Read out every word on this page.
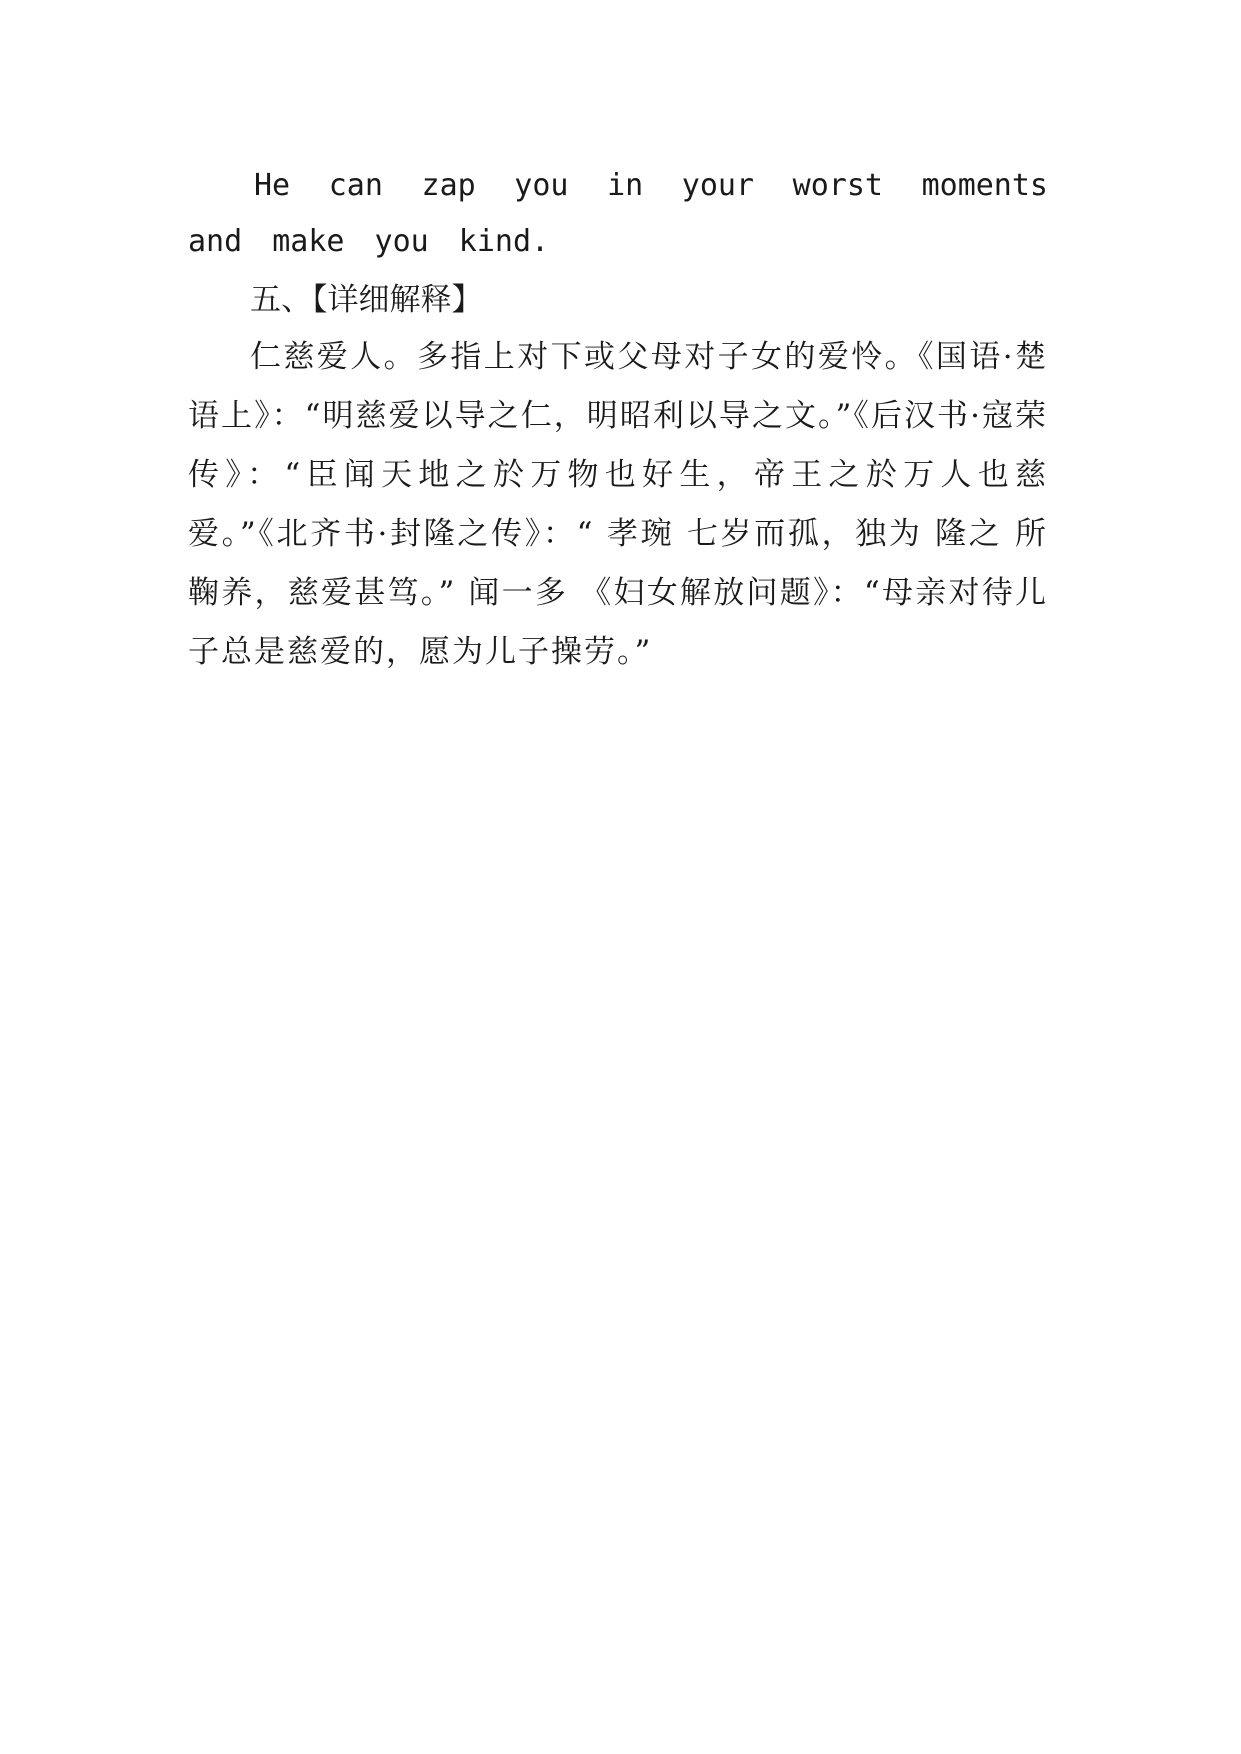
He can zap you in your worst moments and make you kind.

五、【详细解释】

仁慈爱人。多指上对下或父母对子女的爱怜。《国语·楚语上》：“明慈爱以导之仁，明昭利以导之文。”《后汉书·寇荣传》：“臣闻天地之於万物也好生，帝王之於万人也慈爱。”《北齐书·封隆之传》：“ 孝琬 七岁而孤，独为 隆之 所鞠养，慈爱甚笃。” 闻一多 《妇女解放问题》：“母亲对待儿子总是慈爱的，愿为儿子操劳。”
